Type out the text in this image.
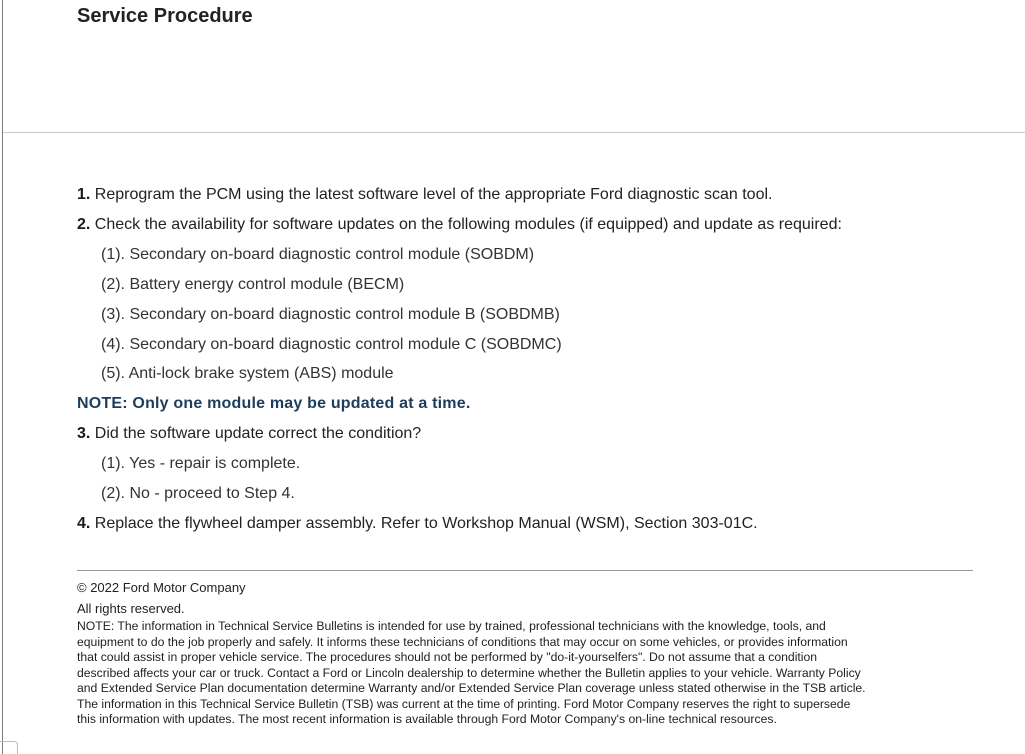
Service Procedure
1. Reprogram the PCM using the latest software level of the appropriate Ford diagnostic scan tool.
2. Check the availability for software updates on the following modules (if equipped) and update as required:
(1). Secondary on-board diagnostic control module (SOBDM)
(2). Battery energy control module (BECM)
(3). Secondary on-board diagnostic control module B (SOBDMB)
(4). Secondary on-board diagnostic control module C (SOBDMC)
(5). Anti-lock brake system (ABS) module
NOTE: Only one module may be updated at a time.
3. Did the software update correct the condition?
(1). Yes - repair is complete.
(2). No - proceed to Step 4.
4. Replace the flywheel damper assembly. Refer to Workshop Manual (WSM), Section 303-01C.
© 2022 Ford Motor Company
All rights reserved.
NOTE: The information in Technical Service Bulletins is intended for use by trained, professional technicians with the knowledge, tools, and
equipment to do the job properly and safely. It informs these technicians of conditions that may occur on some vehicles, or provides information
that could assist in proper vehicle service. The procedures should not be performed by "do-it-yourselfers". Do not assume that a condition
described affects your car or truck. Contact a Ford or Lincoln dealership to determine whether the Bulletin applies to your vehicle. Warranty Policy
and Extended Service Plan documentation determine Warranty and/or Extended Service Plan coverage unless stated otherwise in the TSB article.
The information in this Technical Service Bulletin (TSB) was current at the time of printing. Ford Motor Company reserves the right to supersede
this information with updates. The most recent information is available through Ford Motor Company's on-line technical resources.
